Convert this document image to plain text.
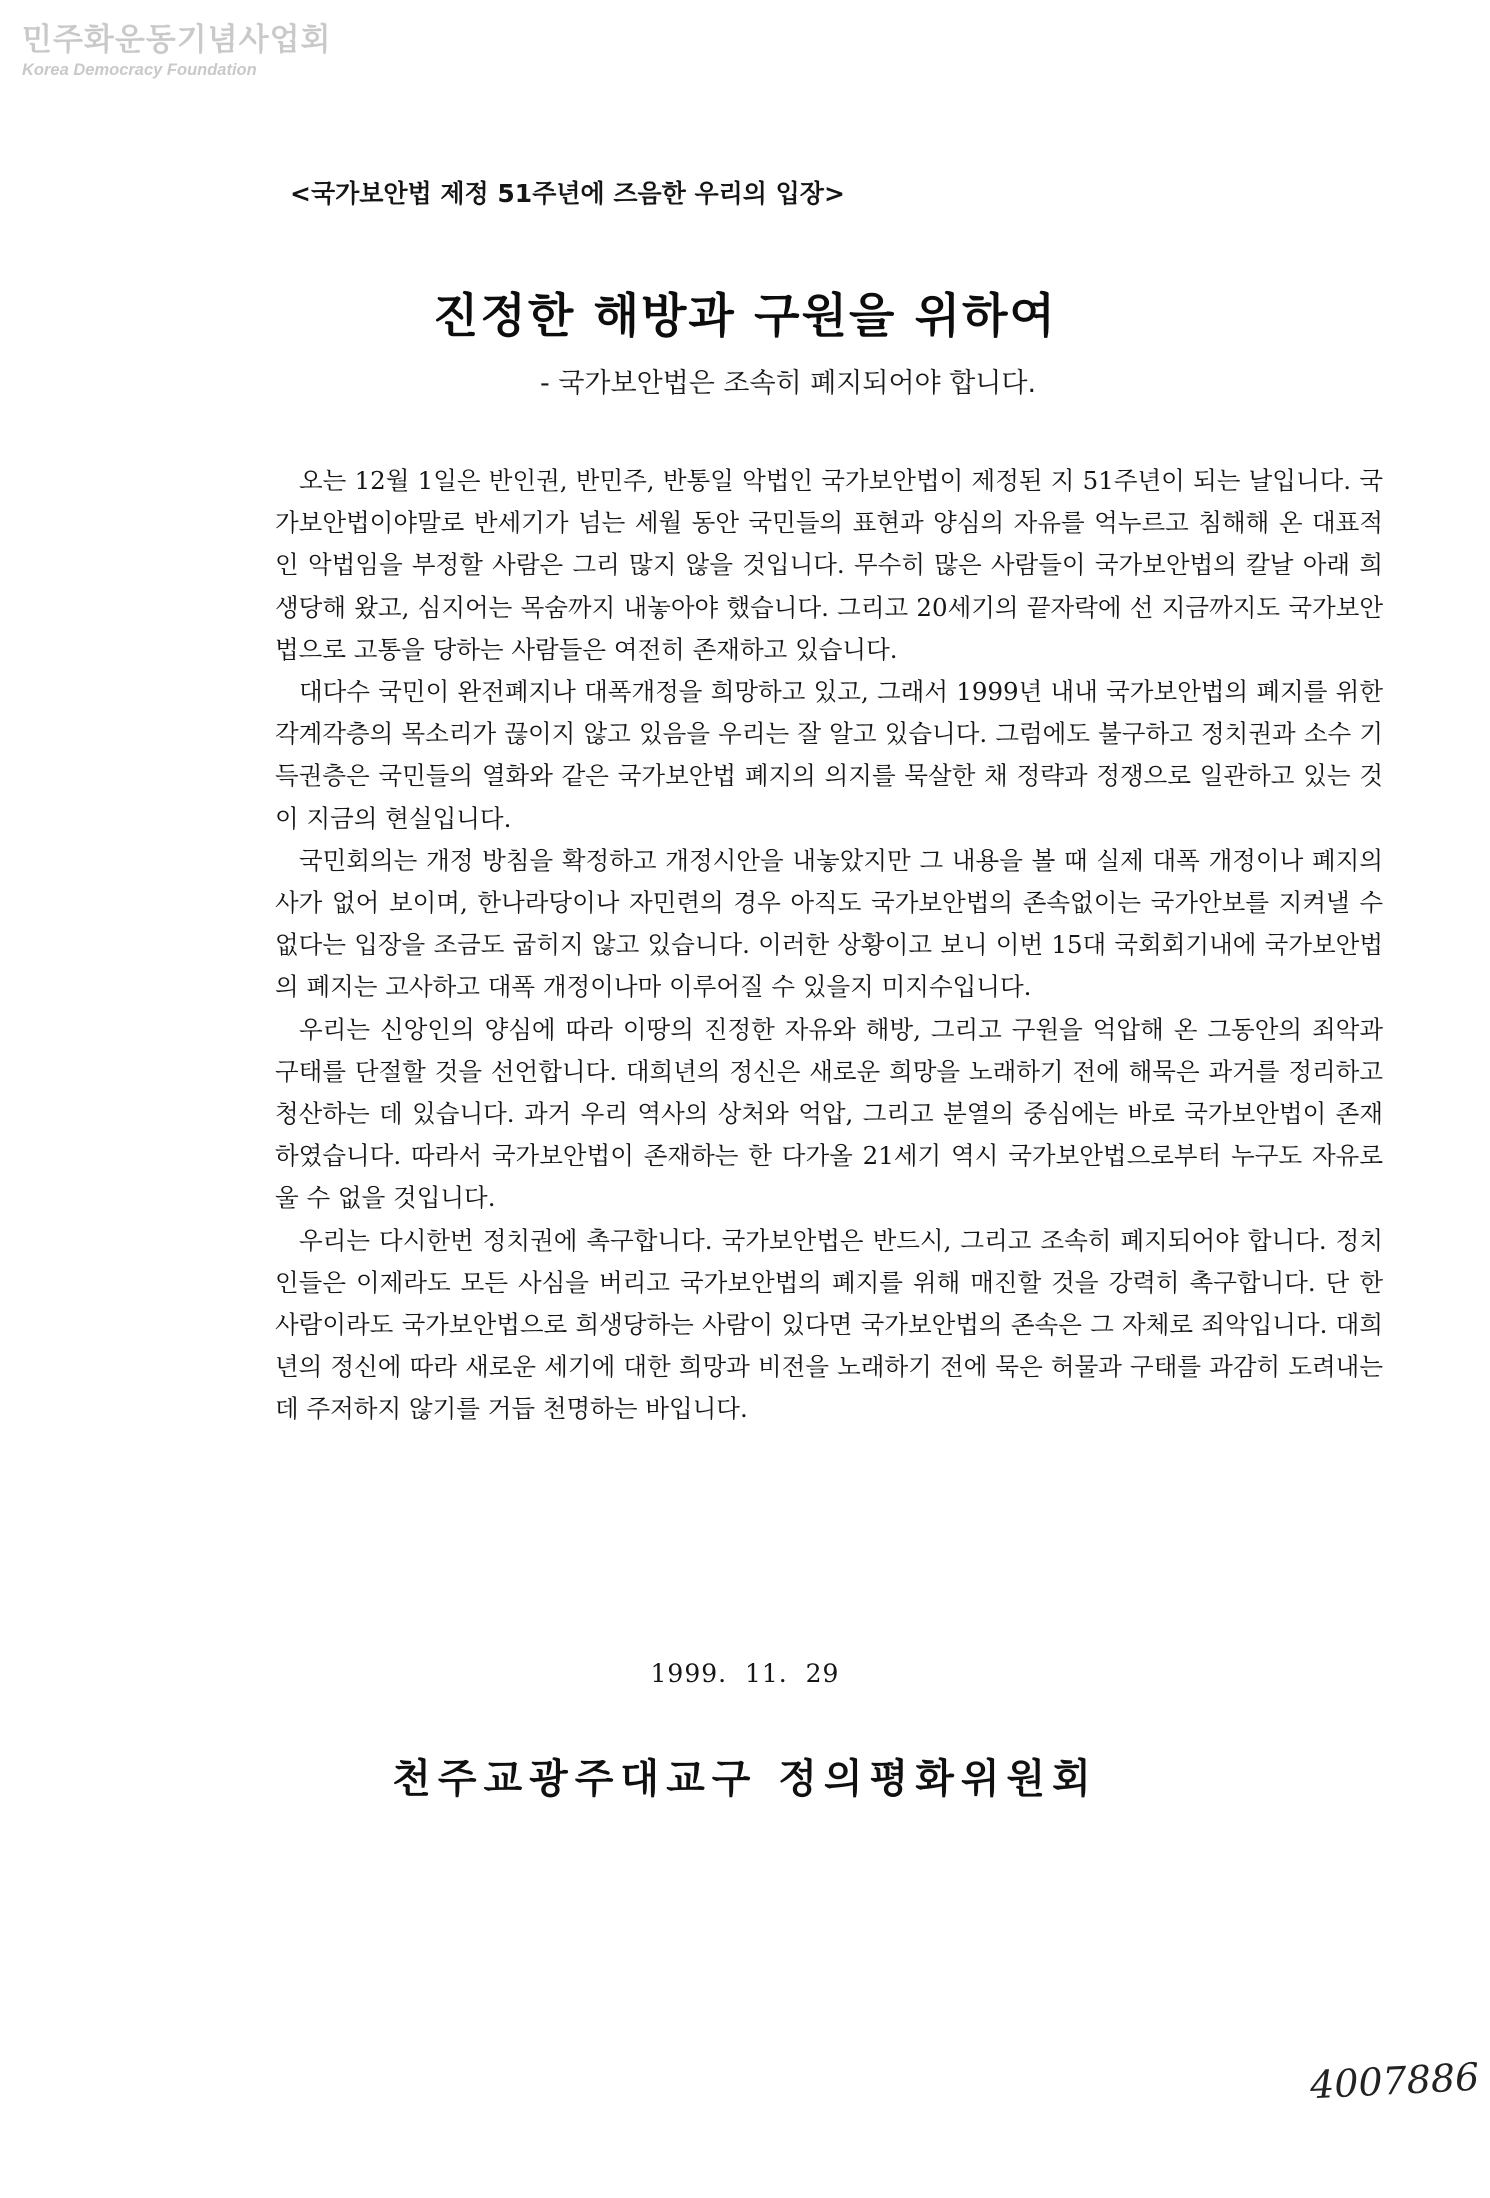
민주화운동기념사업회
Korea Democracy Foundation
<국가보안법 제정 51주년에 즈음한 우리의 입장>
진정한 해방과 구원을 위하여
- 국가보안법은 조속히 폐지되어야 합니다.

오는 12월 1일은 반인권, 반민주, 반통일 악법인 국가보안법이 제정된 지 51주년이 되는 날입니다. 국가보안법이야말로 반세기가 넘는 세월 동안 국민들의 표현과 양심의 자유를 억누르고 침해해 온 대표적인 악법임을 부정할 사람은 그리 많지 않을 것입니다. 무수히 많은 사람들이 국가보안법의 칼날 아래 희생당해 왔고, 심지어는 목숨까지 내놓아야 했습니다. 그리고 20세기의 끝자락에 선 지금까지도 국가보안법으로 고통을 당하는 사람들은 여전히 존재하고 있습니다.

대다수 국민이 완전폐지나 대폭개정을 희망하고 있고, 그래서 1999년 내내 국가보안법의 폐지를 위한 각계각층의 목소리가 끊이지 않고 있음을 우리는 잘 알고 있습니다. 그럼에도 불구하고 정치권과 소수 기득권층은 국민들의 열화와 같은 국가보안법 폐지의 의지를 묵살한 채 정략과 정쟁으로 일관하고 있는 것이 지금의 현실입니다.

국민회의는 개정 방침을 확정하고 개정시안을 내놓았지만 그 내용을 볼 때 실제 대폭 개정이나 폐지의사가 없어 보이며, 한나라당이나 자민련의 경우 아직도 국가보안법의 존속없이는 국가안보를 지켜낼 수 없다는 입장을 조금도 굽히지 않고 있습니다. 이러한 상황이고 보니 이번 15대 국회회기내에 국가보안법의 폐지는 고사하고 대폭 개정이나마 이루어질 수 있을지 미지수입니다.

우리는 신앙인의 양심에 따라 이땅의 진정한 자유와 해방, 그리고 구원을 억압해 온 그동안의 죄악과 구태를 단절할 것을 선언합니다. 대희년의 정신은 새로운 희망을 노래하기 전에 해묵은 과거를 정리하고 청산하는 데 있습니다. 과거 우리 역사의 상처와 억압, 그리고 분열의 중심에는 바로 국가보안법이 존재하였습니다. 따라서 국가보안법이 존재하는 한 다가올 21세기 역시 국가보안법으로부터 누구도 자유로울 수 없을 것입니다.

우리는 다시한번 정치권에 촉구합니다. 국가보안법은 반드시, 그리고 조속히 폐지되어야 합니다. 정치인들은 이제라도 모든 사심을 버리고 국가보안법의 폐지를 위해 매진할 것을 강력히 촉구합니다. 단 한 사람이라도 국가보안법으로 희생당하는 사람이 있다면 국가보안법의 존속은 그 자체로 죄악입니다. 대희년의 정신에 따라 새로운 세기에 대한 희망과 비전을 노래하기 전에 묵은 허물과 구태를 과감히 도려내는데 주저하지 않기를 거듭 천명하는 바입니다.

1999.  11.  29
천주교광주대교구 정의평화위원회
4007886
